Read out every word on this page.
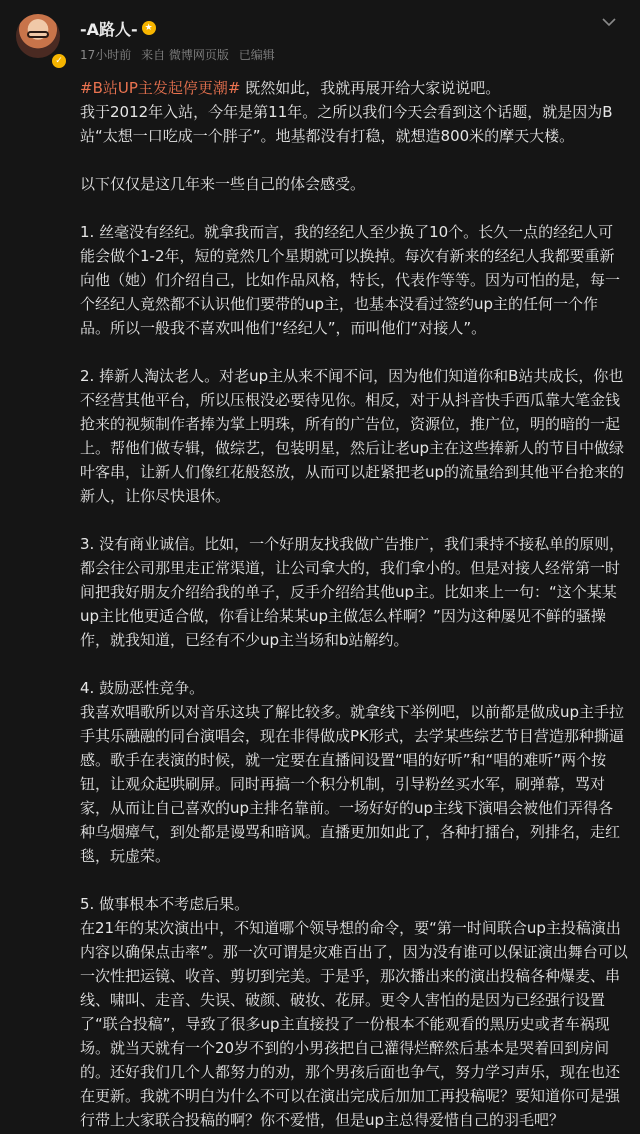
✓
-A路人- ★
17小时前 来自 微博网页版 已编辑

#B站UP主发起停更潮# 既然如此，我就再展开给大家说说吧。

我于2012年入站，今年是第11年。之所以我们今天会看到这个话题，就是因为B站“太想一口吃成一个胖子”。地基都没有打稳，就想造800米的摩天大楼。

以下仅仅是这几年来一些自己的体会感受。

1. 丝毫没有经纪。就拿我而言，我的经纪人至少换了10个。长久一点的经纪人可能会做个1-2年，短的竟然几个星期就可以换掉。每次有新来的经纪人我都要重新向他（她）们介绍自己，比如作品风格，特长，代表作等等。因为可怕的是，每一个经纪人竟然都不认识他们要带的up主，也基本没看过签约up主的任何一个作品。所以一般我不喜欢叫他们“经纪人”，而叫他们“对接人”。

2. 捧新人淘汰老人。对老up主从来不闻不问，因为他们知道你和B站共成长，你也不经营其他平台，所以压根没必要待见你。相反，对于从抖音快手西瓜靠大笔金钱抢来的视频制作者捧为掌上明珠，所有的广告位，资源位，推广位，明的暗的一起上。帮他们做专辑，做综艺，包装明星，然后让老up主在这些捧新人的节目中做绿叶客串，让新人们像红花般怒放，从而可以赶紧把老up的流量给到其他平台抢来的新人，让你尽快退休。

3. 没有商业诚信。比如，一个好朋友找我做广告推广，我们秉持不接私单的原则，都会往公司那里走正常渠道，让公司拿大的，我们拿小的。但是对接人经常第一时间把我好朋友介绍给我的单子，反手介绍给其他up主。比如来上一句：“这个某某up主比他更适合做，你看让给某某up主做怎么样啊？”因为这种屡见不鲜的骚操作，就我知道，已经有不少up主当场和b站解约。

4. 鼓励恶性竞争。
我喜欢唱歌所以对音乐这块了解比较多。就拿线下举例吧，以前都是做成up主手拉手其乐融融的同台演唱会，现在非得做成PK形式，去学某些综艺节目营造那种撕逼感。歌手在表演的时候，就一定要在直播间设置“唱的好听”和“唱的难听”两个按钮，让观众起哄刷屏。同时再搞一个积分机制，引导粉丝买水军，刷弹幕，骂对家，从而让自己喜欢的up主排名靠前。一场好好的up主线下演唱会被他们弄得各种乌烟瘴气，到处都是谩骂和暗讽。直播更加如此了，各种打擂台，列排名，走红毯，玩虚荣。

5. 做事根本不考虑后果。
在21年的某次演出中，不知道哪个领导想的命令，要“第一时间联合up主投稿演出内容以确保点击率”。那一次可谓是灾难百出了，因为没有谁可以保证演出舞台可以一次性把运镜、收音、剪切到完美。于是乎，那次播出来的演出投稿各种爆麦、串线、啸叫、走音、失误、破颜、破妆、花屏。更令人害怕的是因为已经强行设置了“联合投稿”，导致了很多up主直接投了一份根本不能观看的黑历史或者车祸现场。就当天就有一个20岁不到的小男孩把自己灌得烂醉然后基本是哭着回到房间的。还好我们几个人都努力的劝，那个男孩后面也争气，努力学习声乐，现在也还在更新。我就不明白为什么不可以在演出完成后加加工再投稿呢？要知道你可是强行带上大家联合投稿的啊？你不爱惜，但是up主总得爱惜自己的羽毛吧？
